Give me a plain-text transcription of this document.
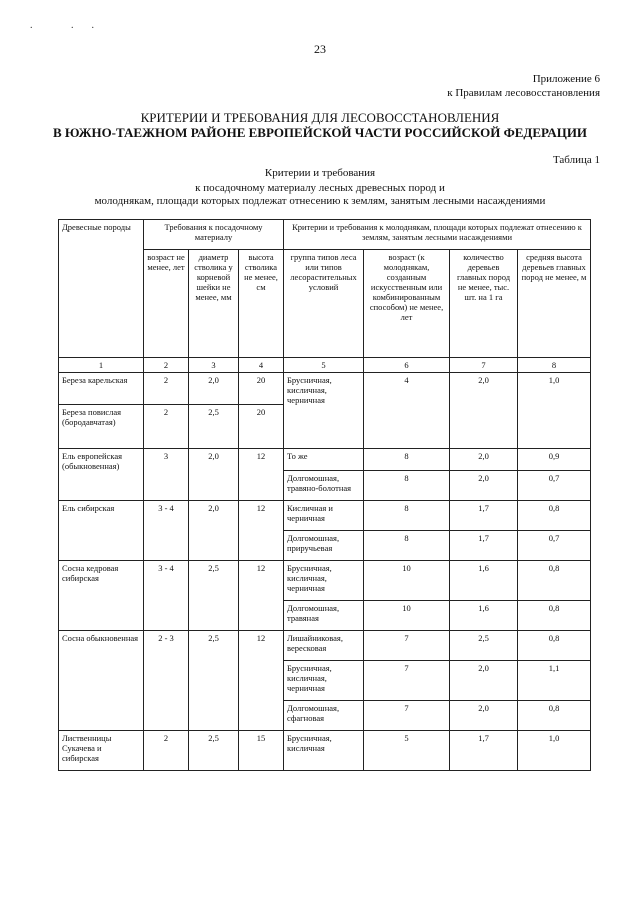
. ..
23
Приложение 6
к Правилам лесовосстановления
КРИТЕРИИ И ТРЕБОВАНИЯ ДЛЯ ЛЕСОВОССТАНОВЛЕНИЯ
В ЮЖНО-ТАЕЖНОМ РАЙОНЕ ЕВРОПЕЙСКОЙ ЧАСТИ РОССИЙСКОЙ ФЕДЕРАЦИИ
Таблица 1
Критерии и требования
к посадочному материалу лесных древесных пород и
молоднякам, площади которых подлежат отнесению к землям, занятым лесными насаждениями
Древесные породы	Требования к посадочному материалу			Критерии и требования к молоднякам, площади которых подлежат отнесению к землям, занятым лесными насаждениями			
	возраст не менее, лет	диаметр стволика у корневой шейки не менее, мм	высота стволика не менее, см	группа типов леса или типов лесорастительных условий	возраст (к молоднякам, созданным искусственным или комбинированным способом) не менее, лет	количество деревьев главных пород не менее, тыс. шт. на 1 га	средняя высота деревьев главных пород не менее, м
1	2	3	4	5	6	7	8
Береза карельская	2	2,0	20	Брусничная, кисличная, черничная	4	2,0	1,0
Береза повислая (бородавчатая)	2	2,5	20				
Ель европейская (обыкновенная)	3	2,0	12	То же	8	2,0	0,9
				Долгомошная, травяно-болотная	8	2,0	0,7
Ель сибирская	3 - 4	2,0	12	Кисличная и черничная	8	1,7	0,8
				Долгомошная, приручьевая	8	1,7	0,7
Сосна кедровая сибирская	3 - 4	2,5	12	Брусничная, кисличная, черничная	10	1,6	0,8
				Долгомошная, травяная	10	1,6	0,8
Сосна обыкновенная	2 - 3	2,5	12	Лишайниковая, вересковая	7	2,5	0,8
				Брусничная, кисличная, черничная	7	2,0	1,1
				Долгомошная, сфагновая	7	2,0	0,8
Лиственницы Сукачева и сибирская	2	2,5	15	Брусничная, кисличная	5	1,7	1,0
